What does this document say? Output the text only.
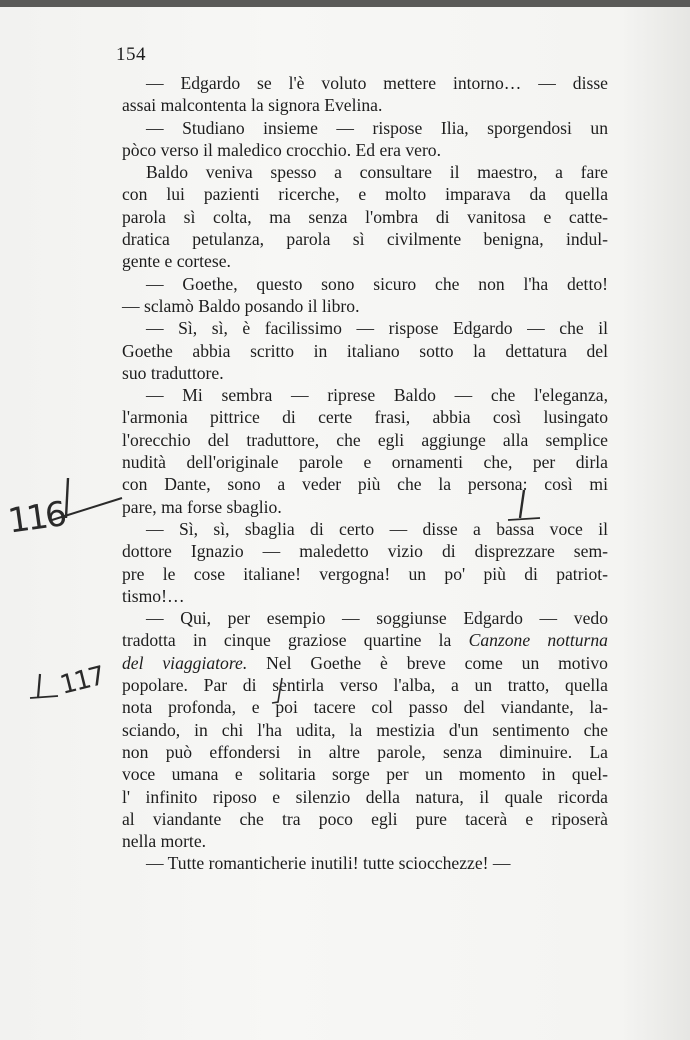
154
— Edgardo se l'è voluto mettere intorno… — disse
assai malcontenta la signora Evelina.
— Studiano insieme — rispose Ilia, sporgendosi un
pòco verso il maledico crocchio. Ed era vero.
Baldo veniva spesso a consultare il maestro, a fare
con lui pazienti ricerche, e molto imparava da quella
parola sì colta, ma senza l'ombra di vanitosa e catte-
dratica petulanza, parola sì civilmente benigna, indul-
gente e cortese.
— Goethe, questo sono sicuro che non l'ha detto!
— sclamò Baldo posando il libro.
— Sì, sì, è facilissimo — rispose Edgardo — che il
Goethe abbia scritto in italiano sotto la dettatura del
suo traduttore.
— Mi sembra — riprese Baldo — che l'eleganza,
l'armonia pittrice di certe frasi, abbia così lusingato
l'orecchio del traduttore, che egli aggiunge alla semplice
nudità dell'originale parole e ornamenti che, per dirla
con Dante, sono a veder più che la persona: così mi
pare, ma forse sbaglio.
— Sì, sì, sbaglia di certo — disse a bassa voce il
dottore Ignazio — maledetto vizio di disprezzare sem-
pre le cose italiane! vergogna! un po' più di patriot-
tismo!…
— Qui, per esempio — soggiunse Edgardo — vedo
tradotta in cinque graziose quartine la Canzone notturna
del viaggiatore. Nel Goethe è breve come un motivo
popolare. Par di sentirla verso l'alba, a un tratto, quella
nota profonda, e poi tacere col passo del viandante, la-
sciando, in chi l'ha udita, la mestizia d'un sentimento che
non può effondersi in altre parole, senza diminuire. La
voce umana e solitaria sorge per un momento in quel-
l' infinito riposo e silenzio della natura, il quale ricorda
al viandante che tra poco egli pure tacerà e riposerà
nella morte.
— Tutte romanticherie inutili! tutte sciocchezze! —
116
117
